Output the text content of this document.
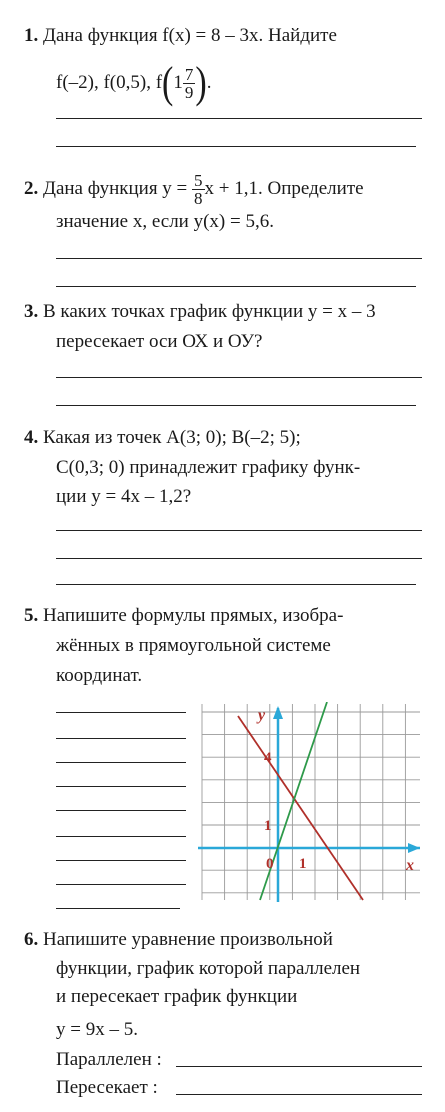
1. Дана функция f(x) = 8 – 3x. Найдите
f(–2), f(0,5), $f(1 \frac{7}{9}$ ).
2. Дана функция $y = \frac{5}{8}$ x + 1,1. Определите
значение x, если y(x) = 5,6.
3. В каких точках график функции y = x – 3
пересекает оси ОХ и ОУ?
4. Какая из точек A(3; 0); B(–2; 5);
C(0,3; 0) принадлежит графику функ-
ции y = 4x – 1,2?
5. Напишите формулы прямых, изобра-
жённых в прямоугольной системе
координат.
y
x
4
1
0 1
6. Напишите уравнение произвольной
функции, график которой параллелен
и пересекает график функции
y = 9x – 5.
Параллелен :
Пересекает :
